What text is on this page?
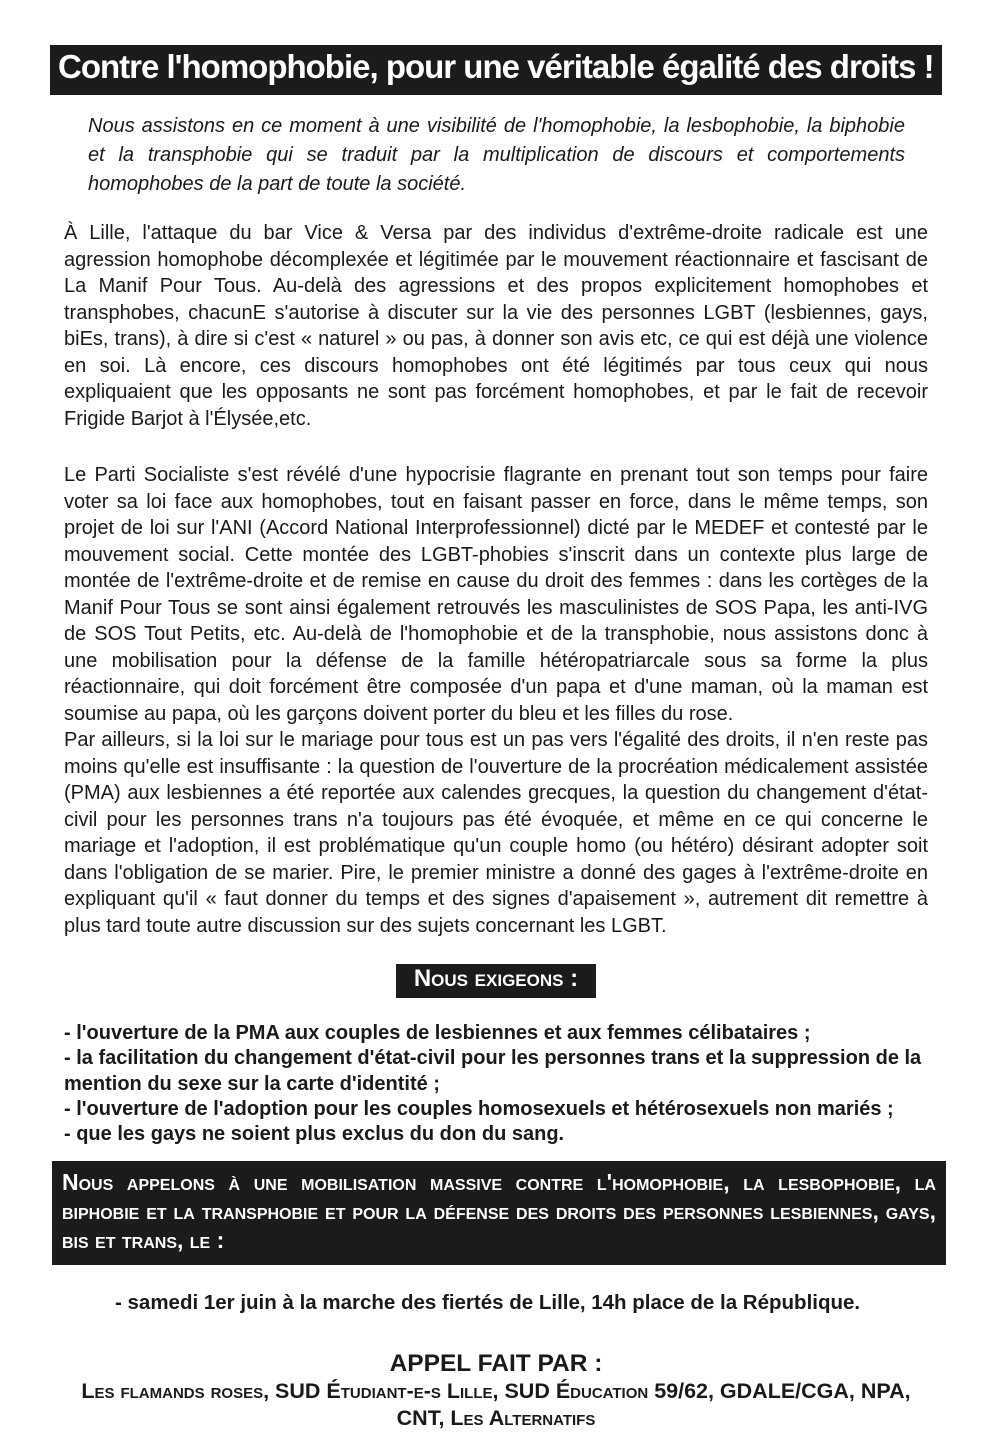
Contre l'homophobie, pour une véritable égalité des droits !
Nous assistons en ce moment à une visibilité de l'homophobie, la lesbophobie, la biphobie et la transphobie qui se traduit par la multiplication de discours et comportements homophobes de la part de toute la société.

À Lille, l'attaque du bar Vice & Versa par des individus d'extrême-droite radicale est une agression homophobe décomplexée et légitimée par le mouvement réactionnaire et fascisant de La Manif Pour Tous. Au-delà des agressions et des propos explicitement homophobes et transphobes, chacunE s'autorise à discuter sur la vie des personnes LGBT (lesbiennes, gays, biEs, trans), à dire si c'est « naturel » ou pas, à donner son avis etc, ce qui est déjà une violence en soi. Là encore, ces discours homophobes ont été légitimés par tous ceux qui nous expliquaient que les opposants ne sont pas forcément homophobes, et par le fait de recevoir Frigide Barjot à l'Élysée,etc.

Le Parti Socialiste s'est révélé d'une hypocrisie flagrante en prenant tout son temps pour faire voter sa loi face aux homophobes, tout en faisant passer en force, dans le même temps, son projet de loi sur l'ANI (Accord National Interprofessionnel) dicté par le MEDEF et contesté par le mouvement social. Cette montée des LGBT-phobies s'inscrit dans un contexte plus large de montée de l'extrême-droite et de remise en cause du droit des femmes : dans les cortèges de la Manif Pour Tous se sont ainsi également retrouvés les masculinistes de SOS Papa, les anti-IVG de SOS Tout Petits, etc. Au-delà de l'homophobie et de la transphobie, nous assistons donc à une mobilisation pour la défense de la famille hétéropatriarcale sous sa forme la plus réactionnaire, qui doit forcément être composée d'un papa et d'une maman, où la maman est soumise au papa, où les garçons doivent porter du bleu et les filles du rose.

Par ailleurs, si la loi sur le mariage pour tous est un pas vers l'égalité des droits, il n'en reste pas moins qu'elle est insuffisante : la question de l'ouverture de la procréation médicalement assistée (PMA) aux lesbiennes a été reportée aux calendes grecques, la question du changement d'état-civil pour les personnes trans n'a toujours pas été évoquée, et même en ce qui concerne le mariage et l'adoption, il est problématique qu'un couple homo (ou hétéro) désirant adopter soit dans l'obligation de se marier. Pire, le premier ministre a donné des gages à l'extrême-droite en expliquant qu'il « faut donner du temps et des signes d'apaisement », autrement dit remettre à plus tard toute autre discussion sur des sujets concernant les LGBT.

Nous exigeons :
- l'ouverture de la PMA aux couples de lesbiennes et aux femmes célibataires ;
- la facilitation du changement d'état-civil pour les personnes trans et la suppression de la mention du sexe sur la carte d'identité ;
- l'ouverture de l'adoption pour les couples homosexuels et hétérosexuels non mariés ;
- que les gays ne soient plus exclus du don du sang.
Nous appelons à une mobilisation massive contre l'homophobie, la lesbophobie, la biphobie et la transphobie et pour la défense des droits des personnes lesbiennes, gays, bis et trans, le :
- samedi 1er juin à la marche des fiertés de Lille, 14h place de la République.
APPEL FAIT PAR :
Les flamands roses, SUD Étudiant-e-s Lille, SUD Éducation 59/62, GDALE/CGA, NPA, CNT, Les Alternatifs
